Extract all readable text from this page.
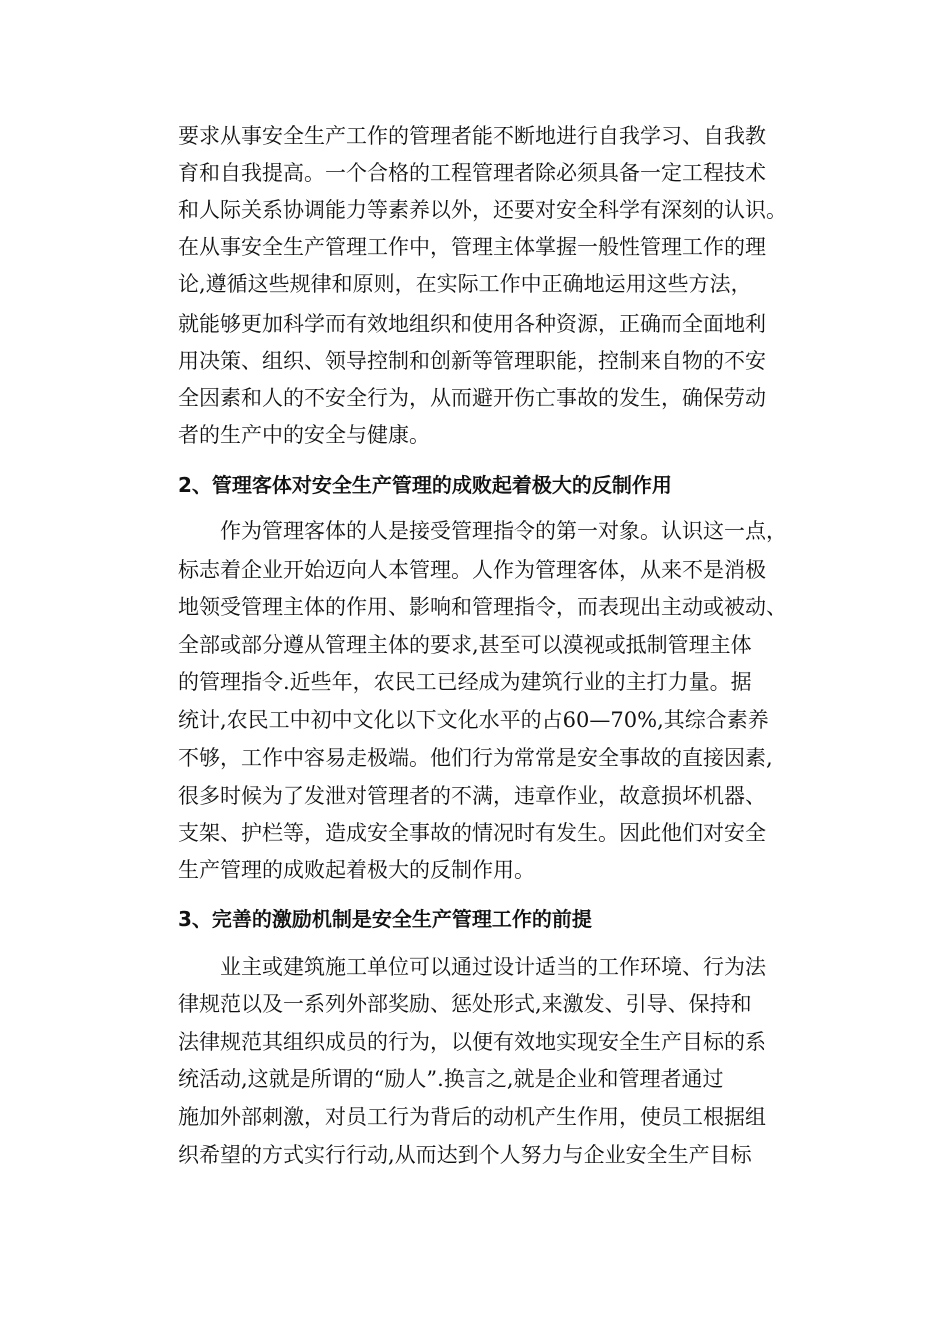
要求从事安全生产工作的管理者能不断地进行自我学习、自我教
育和自我提高。一个合格的工程管理者除必须具备一定工程技术
和人际关系协调能力等素养以外，还要对安全科学有深刻的认识。
在从事安全生产管理工作中，管理主体掌握一般性管理工作的理
论,遵循这些规律和原则，在实际工作中正确地运用这些方法，
就能够更加科学而有效地组织和使用各种资源，正确而全面地利
用决策、组织、领导控制和创新等管理职能，控制来自物的不安
全因素和人的不安全行为，从而避开伤亡事故的发生，确保劳动
者的生产中的安全与健康。
2、管理客体对安全生产管理的成败起着极大的反制作用
作为管理客体的人是接受管理指令的第一对象。认识这一点，
标志着企业开始迈向人本管理。人作为管理客体，从来不是消极
地领受管理主体的作用、影响和管理指令，而表现出主动或被动、
全部或部分遵从管理主体的要求,甚至可以漠视或抵制管理主体
的管理指令.近些年，农民工已经成为建筑行业的主打力量。据
统计,农民工中初中文化以下文化水平的占60—70%,其综合素养
不够，工作中容易走极端。他们行为常常是安全事故的直接因素,
很多时候为了发泄对管理者的不满，违章作业，故意损坏机器、
支架、护栏等，造成安全事故的情况时有发生。因此他们对安全
生产管理的成败起着极大的反制作用。
3、完善的激励机制是安全生产管理工作的前提
业主或建筑施工单位可以通过设计适当的工作环境、行为法
律规范以及一系列外部奖励、惩处形式,来激发、引导、保持和
法律规范其组织成员的行为，以便有效地实现安全生产目标的系
统活动,这就是所谓的“励人”.换言之,就是企业和管理者通过
施加外部刺激，对员工行为背后的动机产生作用，使员工根据组
织希望的方式实行行动,从而达到个人努力与企业安全生产目标
